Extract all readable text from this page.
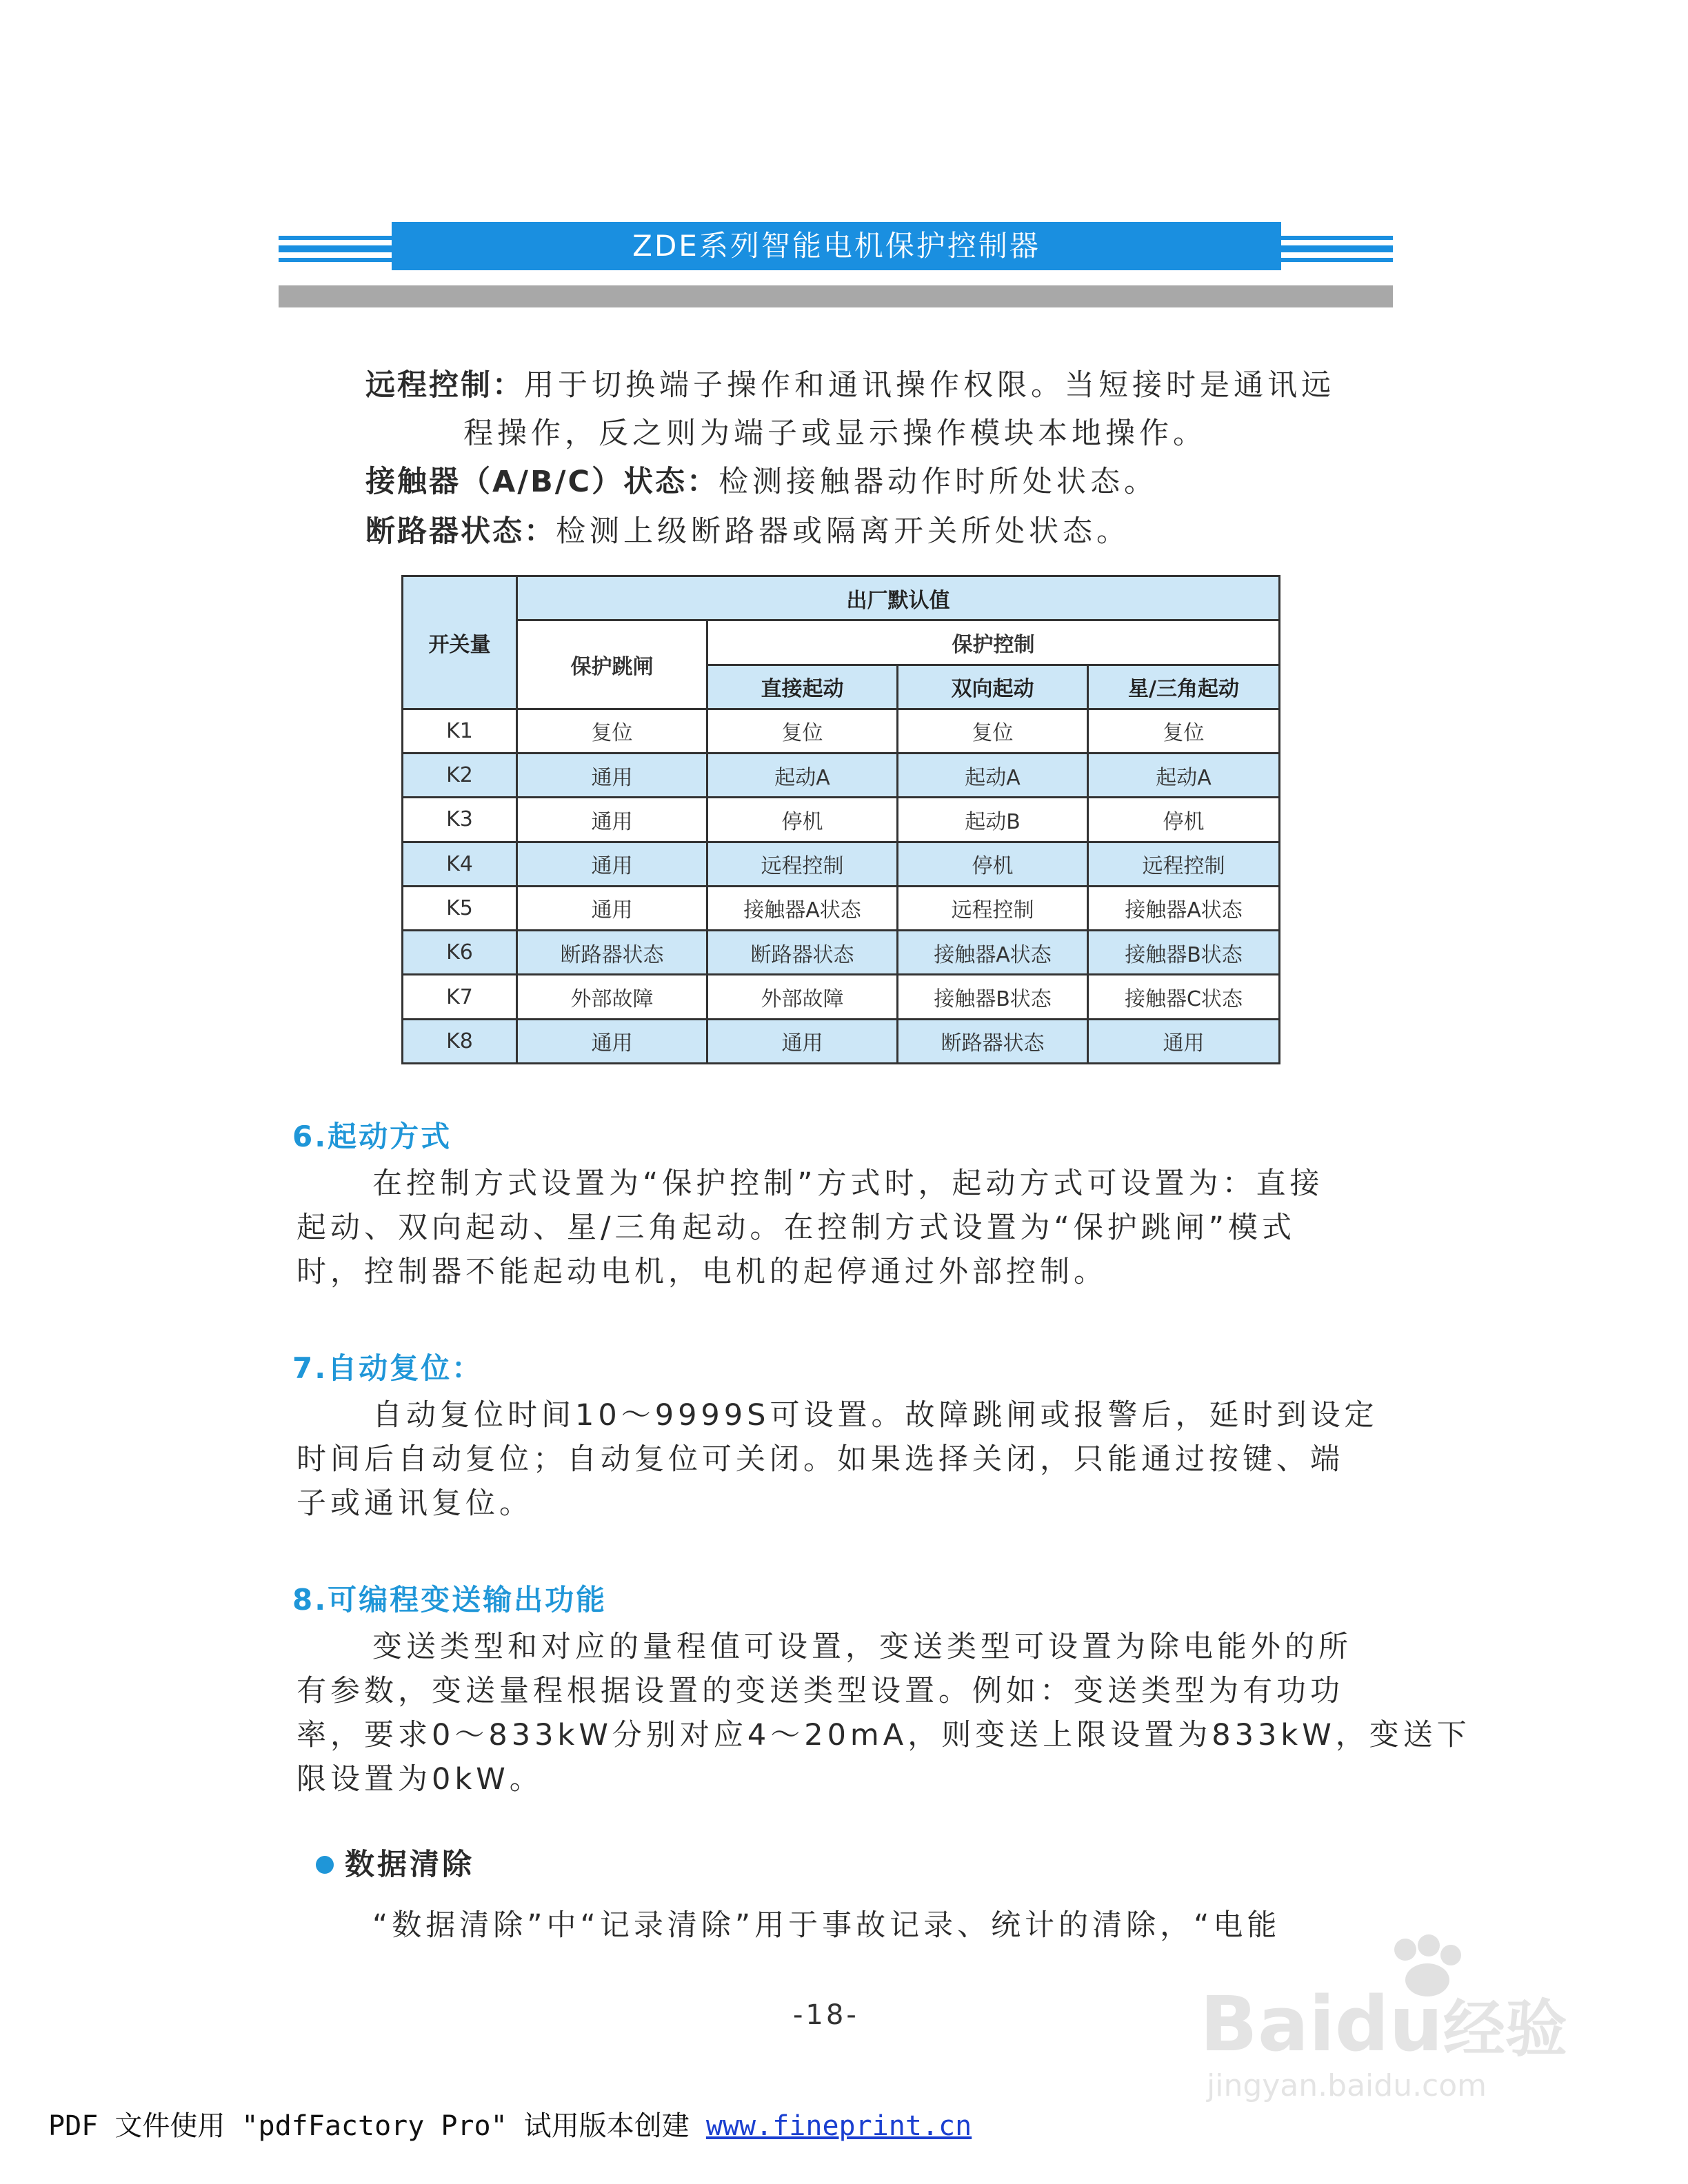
ZDE系列智能电机保护控制器
远程控制：用于切换端子操作和通讯操作权限。当短接时是通讯远
程操作，反之则为端子或显示操作模块本地操作。
接触器（A/B/C）状态：检测接触器动作时所处状态。
断路器状态：检测上级断路器或隔离开关所处状态。
开关量	出厂默认值			
	保护跳闸	保护控制		
		直接起动	双向起动	星/三角起动
K1	复位	复位	复位	复位
K2	通用	起动A	起动A	起动A
K3	通用	停机	起动B	停机
K4	通用	远程控制	停机	远程控制
K5	通用	接触器A状态	远程控制	接触器A状态
K6	断路器状态	断路器状态	接触器A状态	接触器B状态
K7	外部故障	外部故障	接触器B状态	接触器C状态
K8	通用	通用	断路器状态	通用
6.起动方式
在控制方式设置为“保护控制”方式时，起动方式可设置为：直接
起动、双向起动、星/三角起动。在控制方式设置为“保护跳闸”模式
时，控制器不能起动电机，电机的起停通过外部控制。
7.自动复位：
自动复位时间10～9999S可设置。故障跳闸或报警后，延时到设定
时间后自动复位；自动复位可关闭。如果选择关闭，只能通过按键、端
子或通讯复位。
8.可编程变送输出功能
变送类型和对应的量程值可设置，变送类型可设置为除电能外的所
有参数，变送量程根据设置的变送类型设置。例如：变送类型为有功功
率，要求0～833kW分别对应4～20mA，则变送上限设置为833kW，变送下
限设置为0kW。
数据清除
“数据清除”中“记录清除”用于事故记录、统计的清除，“电能
-18-	Baidu经验
jingyan.baidu.com
PDF 文件使用 "pdfFactory Pro" 试用版本创建 www.fineprint.cn
